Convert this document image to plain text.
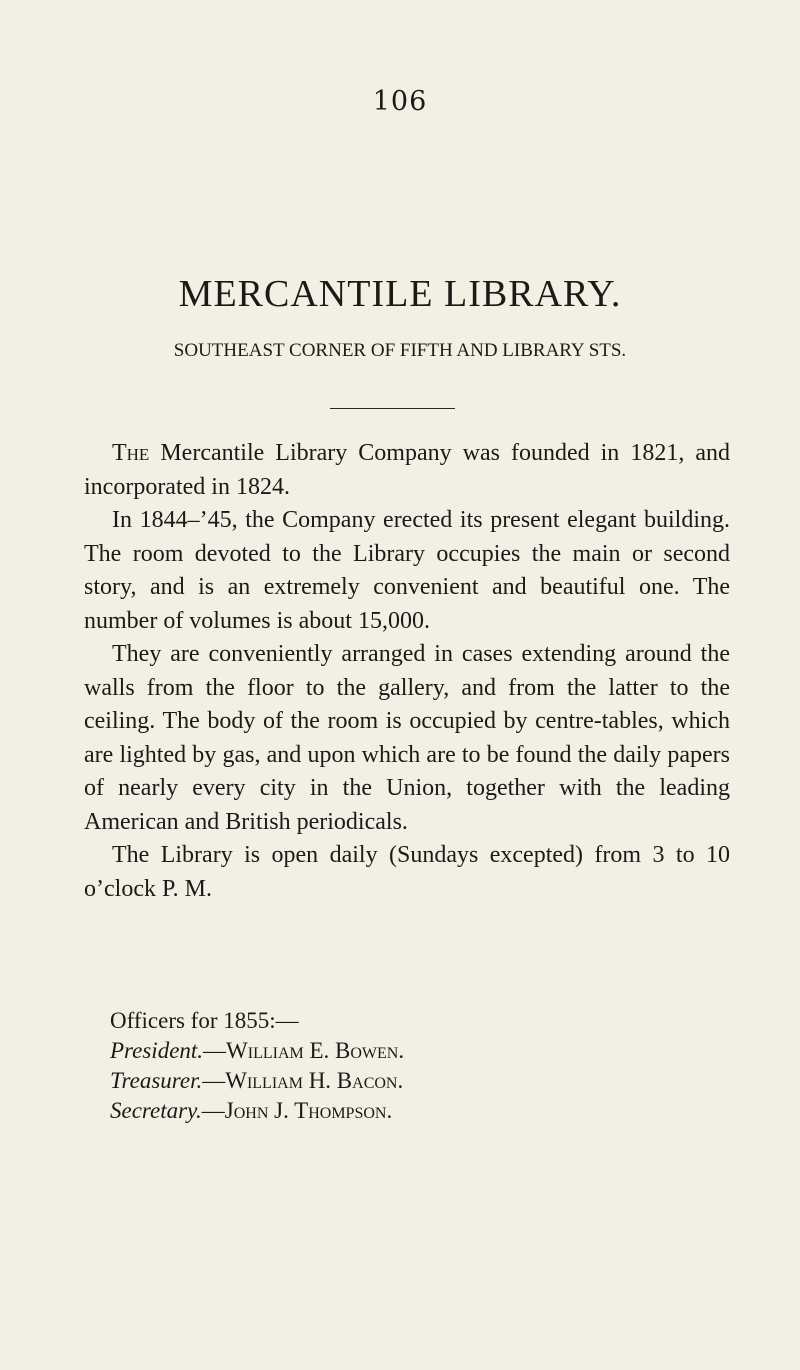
106
MERCANTILE LIBRARY.
SOUTHEAST CORNER OF FIFTH AND LIBRARY STS.

The Mercantile Library Company was founded in 1821, and incorporated in 1824.

In 1844–’45, the Company erected its present elegant building. The room devoted to the Library occupies the main or second story, and is an extremely convenient and beautiful one. The number of volumes is about 15,000.

They are conveniently arranged in cases extending around the walls from the floor to the gallery, and from the latter to the ceiling. The body of the room is occupied by centre-tables, which are lighted by gas, and upon which are to be found the daily papers of nearly every city in the Union, together with the leading American and British periodicals.

The Library is open daily (Sundays excepted) from 3 to 10 o’clock P. M.

Officers for 1855:—

President.—William E. Bowen.

Treasurer.—William H. Bacon.

Secretary.—John J. Thompson.
